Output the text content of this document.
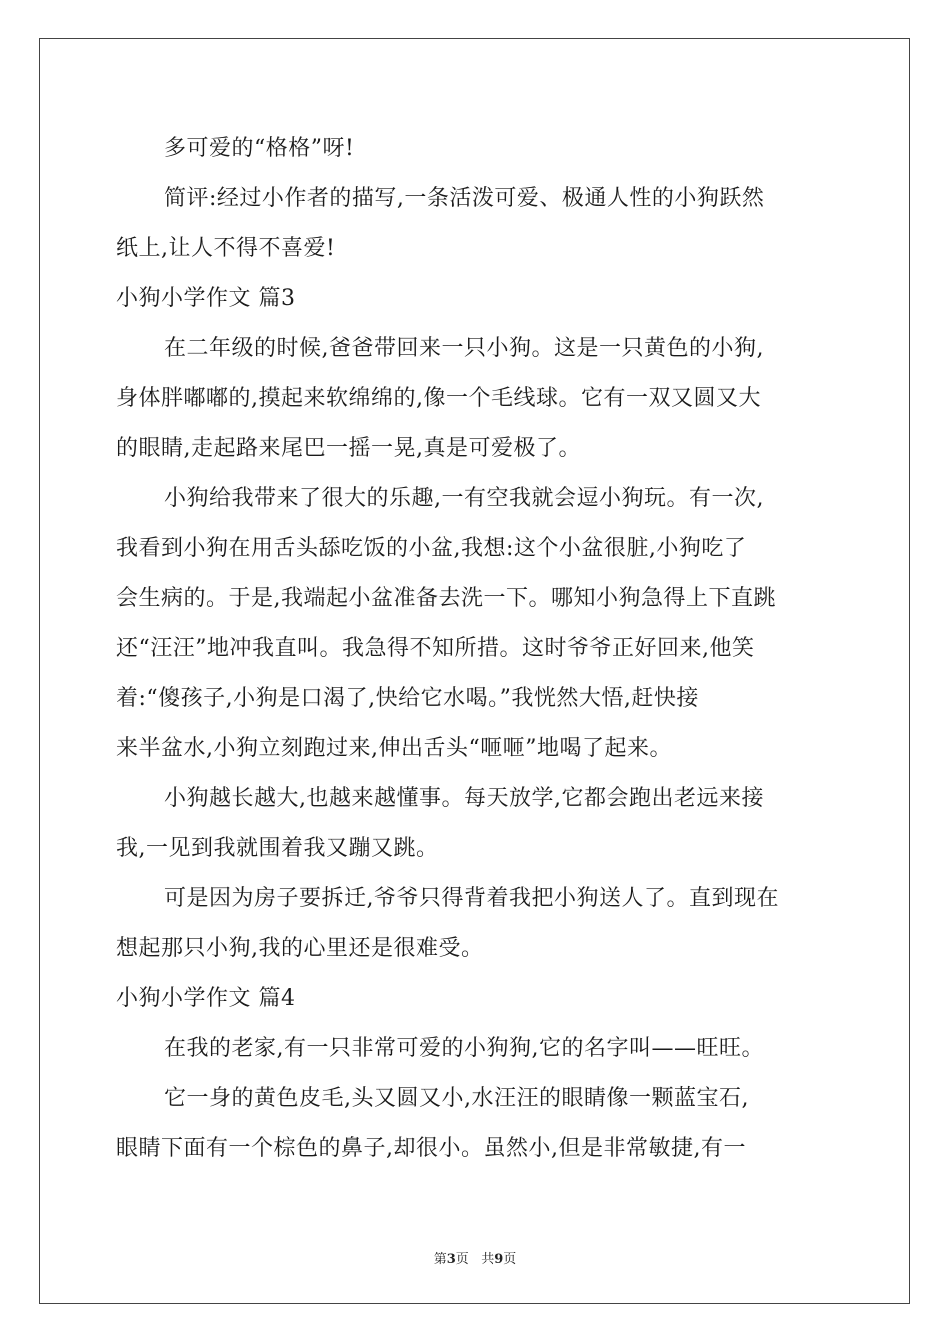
多可爱的“格格”呀!
简评:经过小作者的描写,一条活泼可爱、极通人性的小狗跃然
纸上,让人不得不喜爱!
小狗小学作文 篇3
在二年级的时候,爸爸带回来一只小狗。这是一只黄色的小狗,
身体胖嘟嘟的,摸起来软绵绵的,像一个毛线球。它有一双又圆又大
的眼睛,走起路来尾巴一摇一晃,真是可爱极了。
小狗给我带来了很大的乐趣,一有空我就会逗小狗玩。有一次,
我看到小狗在用舌头舔吃饭的小盆,我想:这个小盆很脏,小狗吃了
会生病的。于是,我端起小盆准备去洗一下。哪知小狗急得上下直跳
还“汪汪”地冲我直叫。我急得不知所措。这时爷爷正好回来,他笑
着:“傻孩子,小狗是口渴了,快给它水喝。”我恍然大悟,赶快接
来半盆水,小狗立刻跑过来,伸出舌头“咂咂”地喝了起来。
小狗越长越大,也越来越懂事。每天放学,它都会跑出老远来接
我,一见到我就围着我又蹦又跳。
可是因为房子要拆迁,爷爷只得背着我把小狗送人了。直到现在
想起那只小狗,我的心里还是很难受。
小狗小学作文 篇4
在我的老家,有一只非常可爱的小狗狗,它的名字叫——旺旺。
它一身的黄色皮毛,头又圆又小,水汪汪的眼睛像一颗蓝宝石,
眼睛下面有一个棕色的鼻子,却很小。虽然小,但是非常敏捷,有一
第3页 共9页
